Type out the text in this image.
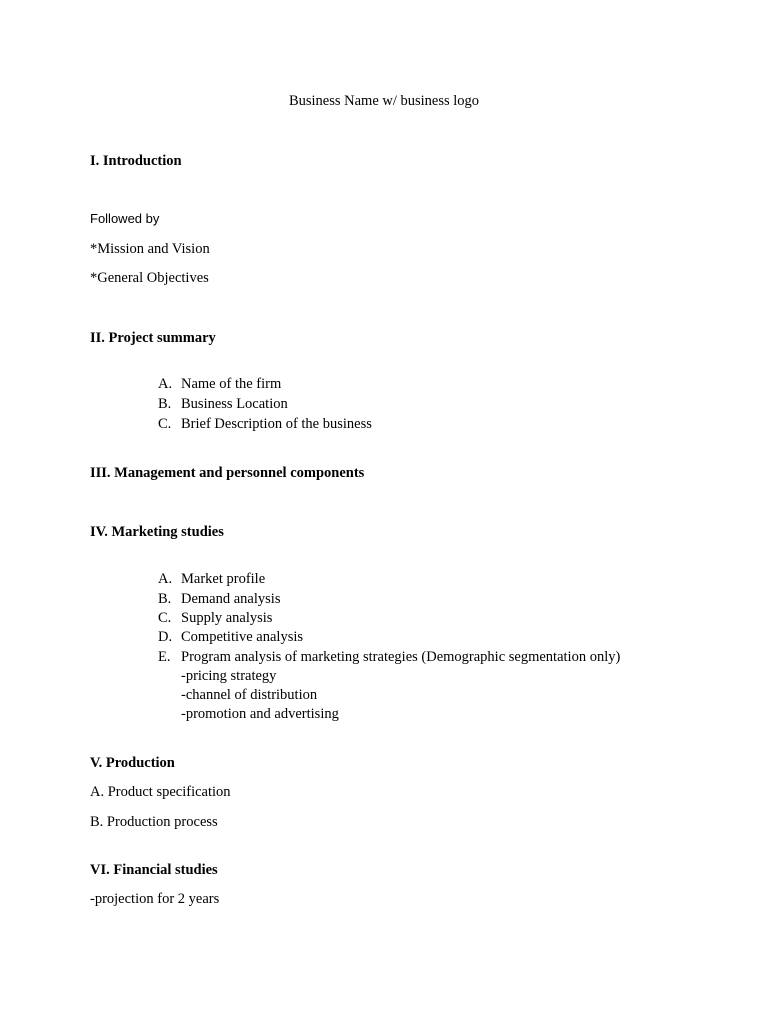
Business Name w/ business logo
I. Introduction
Followed by
*Mission and Vision
*General Objectives
II. Project summary
A. Name of the firm
B. Business Location
C. Brief Description of the business
III. Management and personnel components
IV. Marketing studies
A. Market profile
B. Demand analysis
C. Supply analysis
D. Competitive analysis
E. Program analysis of marketing strategies (Demographic segmentation only)
-pricing strategy
-channel of distribution
-promotion and advertising
V. Production
A. Product specification
B. Production process
VI. Financial studies
-projection for 2 years
